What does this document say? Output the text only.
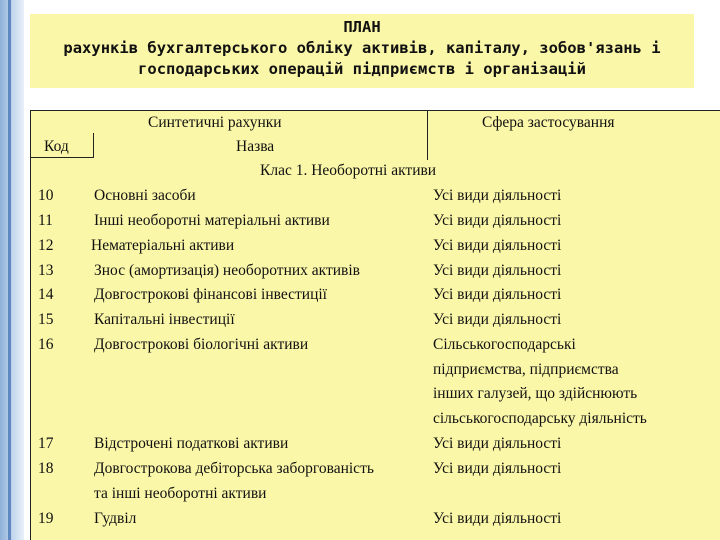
ПЛАН
рахунків бухгалтерського обліку активів, капіталу, зобов'язань і
господарських операцій підприємств і організацій
Синтетичні рахунки	Сфера застосування
Код	Назва
Клас 1. Необоротні активи
10	Основні засоби	Усі види діяльності
11	Інші необоротні матеріальні активи	Усі види діяльності
12 Нематеріальні активи	Усі види діяльності
13	Знос (амортизація) необоротних активів	Усі види діяльності
14	Довгострокові фінансові інвестиції	Усі види діяльності
15	Капітальні інвестиції	Усі види діяльності
16	Довгострокові біологічні активи	Сільськогосподарські
підприємства, підприємства
інших галузей, що здійснюють
сільськогосподарську діяльність
17	Відстрочені податкові активи	Усі види діяльності
18	Довгострокова дебіторська заборгованість	Усі види діяльності
та інші необоротні активи
19	Гудвіл	Усі види діяльності
